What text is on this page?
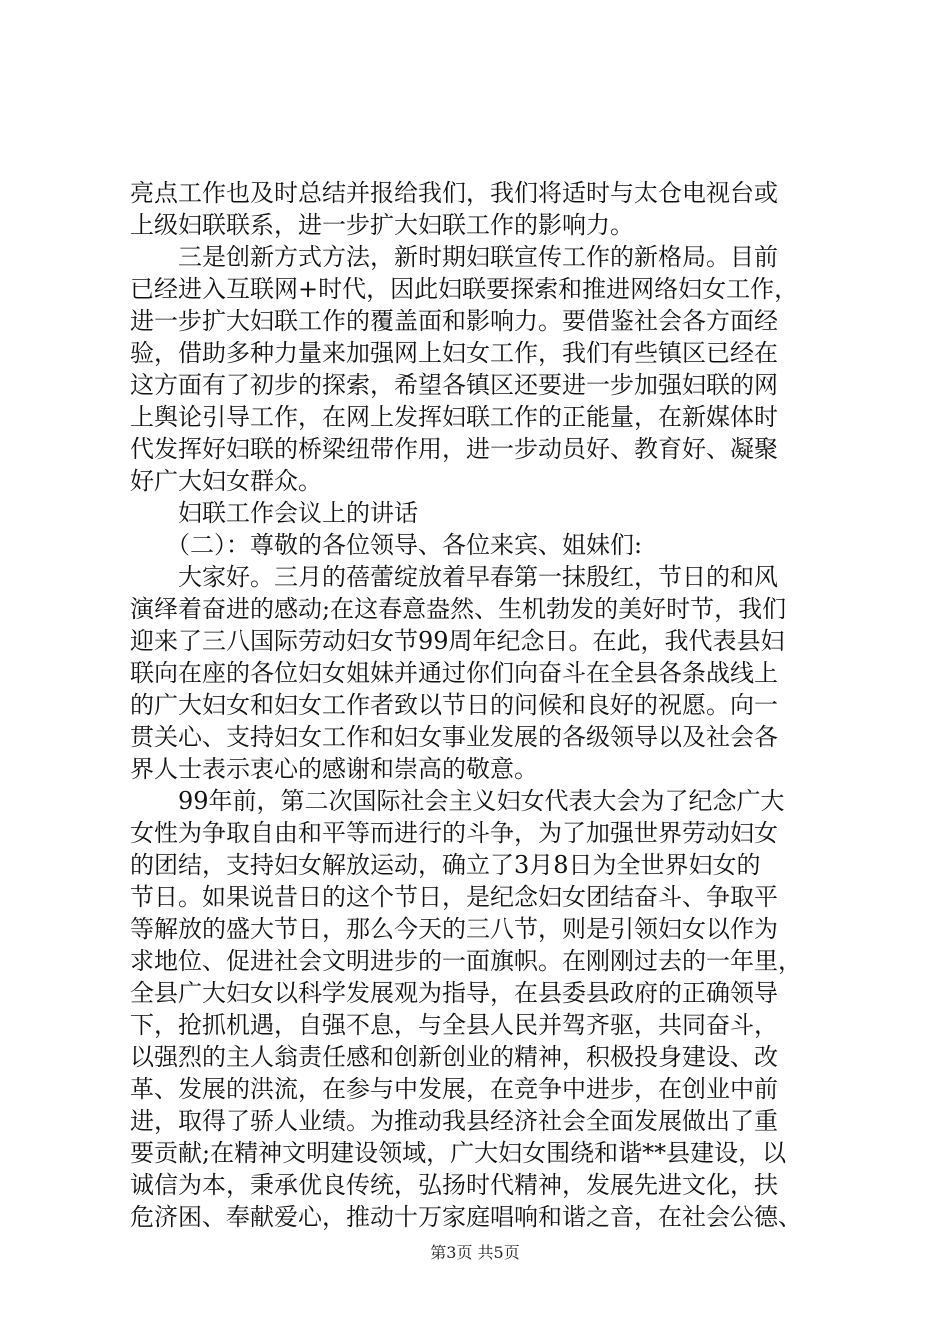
亮点工作也及时总结并报给我们，我们将适时与太仓电视台或
上级妇联联系，进一步扩大妇联工作的影响力。
三是创新方式方法，新时期妇联宣传工作的新格局。目前
已经进入互联网+时代，因此妇联要探索和推进网络妇女工作，
进一步扩大妇联工作的覆盖面和影响力。要借鉴社会各方面经
验，借助多种力量来加强网上妇女工作，我们有些镇区已经在
这方面有了初步的探索，希望各镇区还要进一步加强妇联的网
上舆论引导工作，在网上发挥妇联工作的正能量，在新媒体时
代发挥好妇联的桥梁纽带作用，进一步动员好、教育好、凝聚
好广大妇女群众。
妇联工作会议上的讲话
（二）：尊敬的各位领导、各位来宾、姐妹们:
大家好。三月的蓓蕾绽放着早春第一抹殷红，节日的和风
演绎着奋进的感动;在这春意盎然、生机勃发的美好时节，我们
迎来了三八国际劳动妇女节99周年纪念日。在此，我代表县妇
联向在座的各位妇女姐妹并通过你们向奋斗在全县各条战线上
的广大妇女和妇女工作者致以节日的问候和良好的祝愿。向一
贯关心、支持妇女工作和妇女事业发展的各级领导以及社会各
界人士表示衷心的感谢和崇高的敬意。
99年前，第二次国际社会主义妇女代表大会为了纪念广大
女性为争取自由和平等而进行的斗争，为了加强世界劳动妇女
的团结，支持妇女解放运动，确立了3月8日为全世界妇女的
节日。如果说昔日的这个节日，是纪念妇女团结奋斗、争取平
等解放的盛大节日，那么今天的三八节，则是引领妇女以作为
求地位、促进社会文明进步的一面旗帜。在刚刚过去的一年里，
全县广大妇女以科学发展观为指导，在县委县政府的正确领导
下，抢抓机遇，自强不息，与全县人民并驾齐驱，共同奋斗，
以强烈的主人翁责任感和创新创业的精神，积极投身建设、改
革、发展的洪流，在参与中发展，在竞争中进步，在创业中前
进，取得了骄人业绩。为推动我县经济社会全面发展做出了重
要贡献;在精神文明建设领域，广大妇女围绕和谐**县建设，以
诚信为本，秉承优良传统，弘扬时代精神，发展先进文化，扶
危济困、奉献爱心，推动十万家庭唱响和谐之音，在社会公德、
第3页 共5页
